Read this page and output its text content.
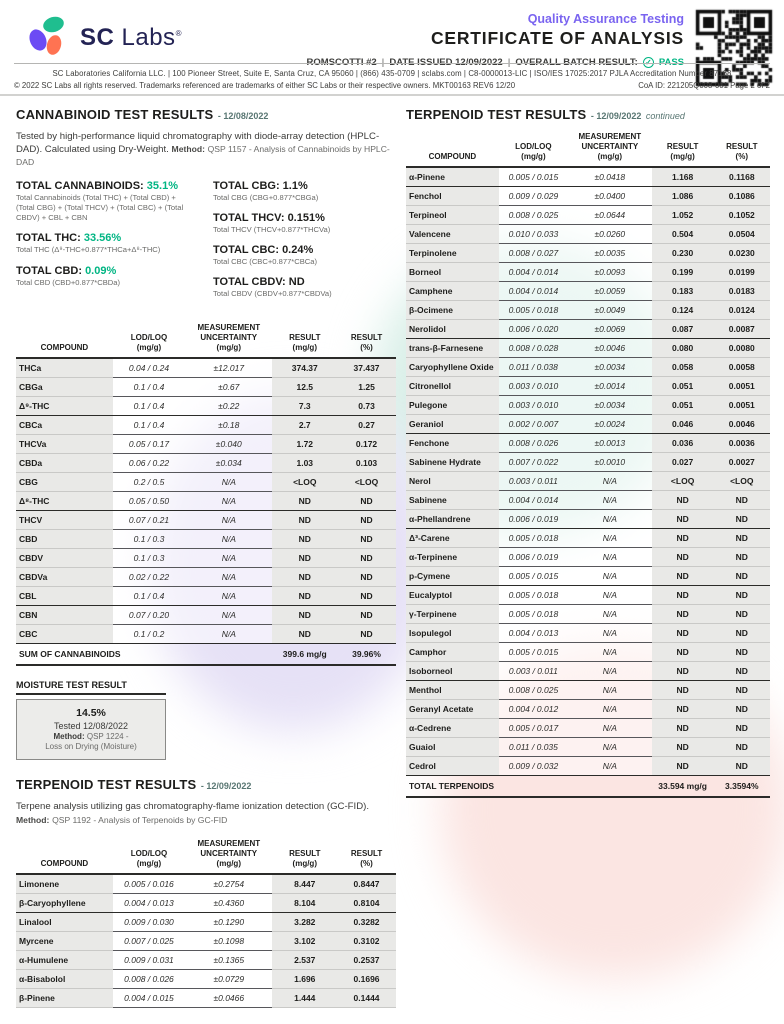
SC Labs®
Quality Assurance Testing
CERTIFICATE OF ANALYSIS
ROMSCOTTI #2 | DATE ISSUED 12/09/2022 | OVERALL BATCH RESULT: ✓ PASS
CANNABINOID TEST RESULTS - 12/08/2022
Tested by high-performance liquid chromatography with diode-array detection (HPLC-DAD). Calculated using Dry-Weight. Method: QSP 1157 - Analysis of Cannabinoids by HPLC-DAD
TOTAL CANNABINOIDS: 35.1%
Total Cannabinoids (Total THC) + (Total CBD) + (Total CBG) + (Total THCV) + (Total CBC) + (Total CBDV) + CBL + CBN
TOTAL THC: 33.56%
Total THC (Δ⁹-THC+0.877*THCa+Δ⁸-THC)
TOTAL CBD: 0.09%
Total CBD (CBD+0.877*CBDa)
TOTAL CBG: 1.1%
Total CBG (CBG+0.877*CBGa)
TOTAL THCV: 0.151%
Total THCV (THCV+0.877*THCVa)
TOTAL CBC: 0.24%
Total CBC (CBC+0.877*CBCa)
TOTAL CBDV: ND
Total CBDV (CBDV+0.877*CBDVa)
COMPOUND

LOD/LOQ
(mg/g)

MEASUREMENT
UNCERTAINTY
(mg/g)

RESULT
(mg/g)

RESULT
(%)

THCa	0.04 / 0.24	±12.017	374.37	37.437
CBGa	0.1 / 0.4	±0.67	12.5	1.25
Δ⁹-THC	0.1 / 0.4	±0.22	7.3	0.73
CBCa	0.1 / 0.4	±0.18	2.7	0.27
THCVa	0.05 / 0.17	±0.040	1.72	0.172
CBDa	0.06 / 0.22	±0.034	1.03	0.103
CBG	0.2 / 0.5	N/A	<LOQ	<LOQ
Δ⁸-THC	0.05 / 0.50	N/A	ND	ND
THCV	0.07 / 0.21	N/A	ND	ND
CBD	0.1 / 0.3	N/A	ND	ND
CBDV	0.1 / 0.3	N/A	ND	ND
CBDVa	0.02 / 0.22	N/A	ND	ND
CBL	0.1 / 0.4	N/A	ND	ND
CBN	0.07 / 0.20	N/A	ND	ND
CBC	0.1 / 0.2	N/A	ND	ND
SUM OF CANNABINOIDS			399.6 mg/g	39.96%
MOISTURE TEST RESULT
14.5%
Tested 12/08/2022
Method: QSP 1224 -
Loss on Drying (Moisture)
TERPENOID TEST RESULTS - 12/09/2022
Terpene analysis utilizing gas chromatography-flame ionization detection (GC-FID). Method: QSP 1192 - Analysis of Terpenoids by GC-FID
COMPOUND

LOD/LOQ
(mg/g)

MEASUREMENT
UNCERTAINTY
(mg/g)

RESULT
(mg/g)

RESULT
(%)

Limonene	0.005 / 0.016	±0.2754	8.447	0.8447
β-Caryophyllene	0.004 / 0.013	±0.4360	8.104	0.8104
Linalool	0.009 / 0.030	±0.1290	3.282	0.3282
Myrcene	0.007 / 0.025	±0.1098	3.102	0.3102
α-Humulene	0.009 / 0.031	±0.1365	2.537	0.2537
α-Bisabolol	0.008 / 0.026	±0.0729	1.696	0.1696
β-Pinene	0.004 / 0.015	±0.0466	1.444	0.1444
TERPENOID TEST RESULTS - 12/09/2022 continued
COMPOUND

LOD/LOQ
(mg/g)

MEASUREMENT
UNCERTAINTY
(mg/g)

RESULT
(mg/g)

RESULT
(%)

α-Pinene	0.005 / 0.015	±0.0418	1.168	0.1168
Fenchol	0.009 / 0.029	±0.0400	1.086	0.1086
Terpineol	0.008 / 0.025	±0.0644	1.052	0.1052
Valencene	0.010 / 0.033	±0.0260	0.504	0.0504
Terpinolene	0.008 / 0.027	±0.0035	0.230	0.0230
Borneol	0.004 / 0.014	±0.0093	0.199	0.0199
Camphene	0.004 / 0.014	±0.0059	0.183	0.0183
β-Ocimene	0.005 / 0.018	±0.0049	0.124	0.0124
Nerolidol	0.006 / 0.020	±0.0069	0.087	0.0087
trans-β-Farnesene	0.008 / 0.028	±0.0046	0.080	0.0080
Caryophyllene Oxide	0.011 / 0.038	±0.0034	0.058	0.0058
Citronellol	0.003 / 0.010	±0.0014	0.051	0.0051
Pulegone	0.003 / 0.010	±0.0034	0.051	0.0051
Geraniol	0.002 / 0.007	±0.0024	0.046	0.0046
Fenchone	0.008 / 0.026	±0.0013	0.036	0.0036
Sabinene Hydrate	0.007 / 0.022	±0.0010	0.027	0.0027
Nerol	0.003 / 0.011	N/A	<LOQ	<LOQ
Sabinene	0.004 / 0.014	N/A	ND	ND
α-Phellandrene	0.006 / 0.019	N/A	ND	ND
Δ³-Carene	0.005 / 0.018	N/A	ND	ND
α-Terpinene	0.006 / 0.019	N/A	ND	ND
p-Cymene	0.005 / 0.015	N/A	ND	ND
Eucalyptol	0.005 / 0.018	N/A	ND	ND
γ-Terpinene	0.005 / 0.018	N/A	ND	ND
Isopulegol	0.004 / 0.013	N/A	ND	ND
Camphor	0.005 / 0.015	N/A	ND	ND
Isoborneol	0.003 / 0.011	N/A	ND	ND
Menthol	0.008 / 0.025	N/A	ND	ND
Geranyl Acetate	0.004 / 0.012	N/A	ND	ND
α-Cedrene	0.005 / 0.017	N/A	ND	ND
Guaiol	0.011 / 0.035	N/A	ND	ND
Cedrol	0.009 / 0.032	N/A	ND	ND
TOTAL TERPENOIDS			33.594 mg/g	3.3594%
SC Laboratories California LLC. | 100 Pioneer Street, Suite E, Santa Cruz, CA 95060 | (866) 435-0709 | sclabs.com | C8-0000013-LIC | ISO/IES 17025:2017 PJLA Accreditation Number 87168
© 2022 SC Labs all rights reserved. Trademarks referenced are trademarks of either SC Labs or their respective owners. MKT00163 REV6 12/20	CoA ID: 221205Q008-001 Page 2 of 2
